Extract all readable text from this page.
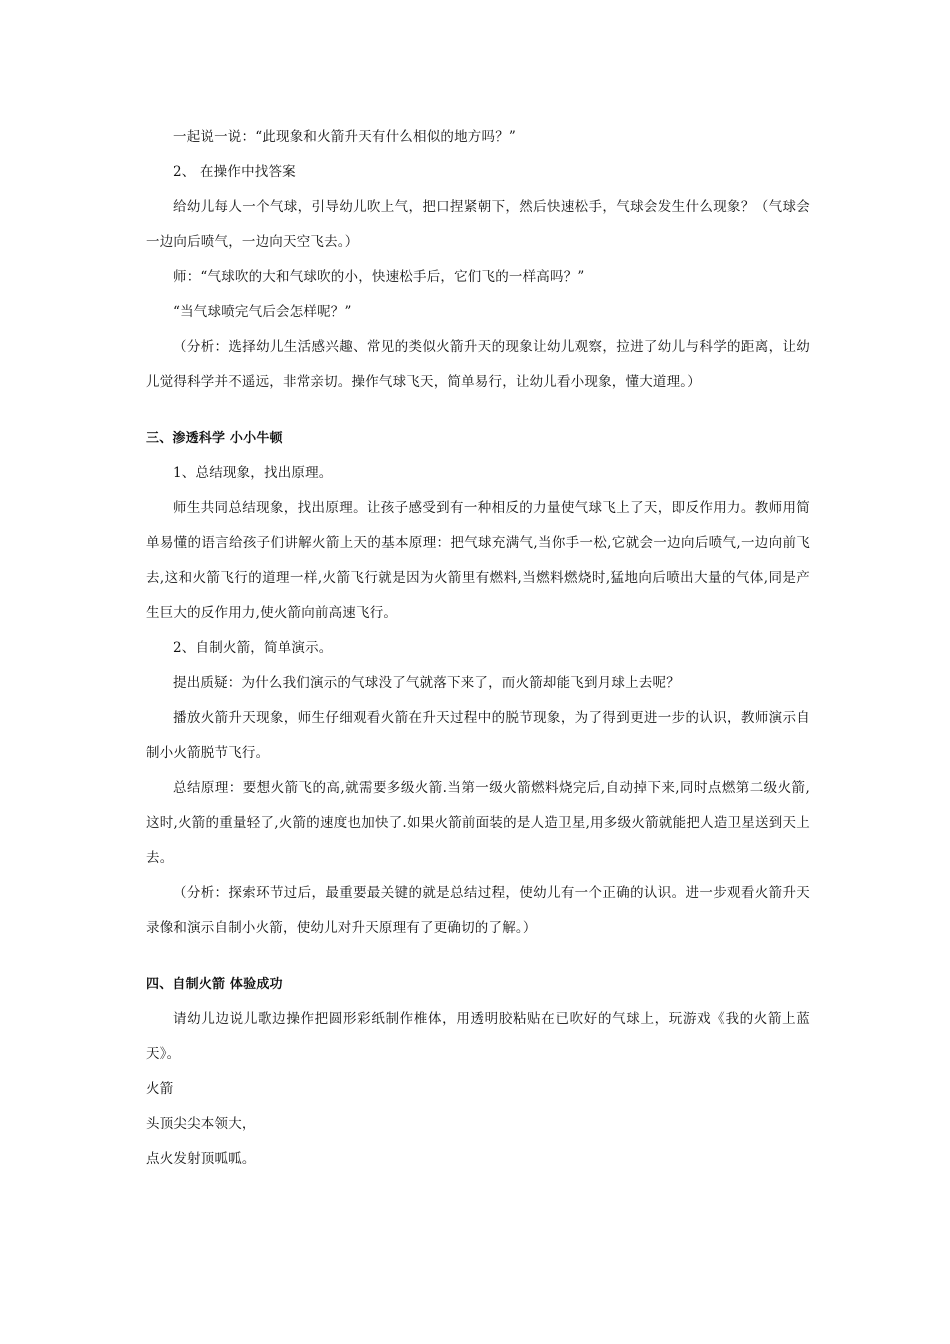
一起说一说：“此现象和火箭升天有什么相似的地方吗？”

2、 在操作中找答案

给幼儿每人一个气球，引导幼儿吹上气，把口捏紧朝下，然后快速松手，气球会发生什么现象？（气球会一边向后喷气，一边向天空飞去。）

师：“气球吹的大和气球吹的小，快速松手后，它们飞的一样高吗？”

“当气球喷完气后会怎样呢？”

（分析：选择幼儿生活感兴趣、常见的类似火箭升天的现象让幼儿观察，拉进了幼儿与科学的距离，让幼儿觉得科学并不遥远，非常亲切。操作气球飞天，简单易行，让幼儿看小现象，懂大道理。）

三、渗透科学 小小牛顿

1、总结现象，找出原理。

师生共同总结现象，找出原理。让孩子感受到有一种相反的力量使气球飞上了天，即反作用力。教师用简单易懂的语言给孩子们讲解火箭上天的基本原理：把气球充满气,当你手一松,它就会一边向后喷气,一边向前飞去,这和火箭飞行的道理一样,火箭飞行就是因为火箭里有燃料,当燃料燃烧时,猛地向后喷出大量的气体,同是产生巨大的反作用力,使火箭向前高速飞行。

2、自制火箭，简单演示。

提出质疑：为什么我们演示的气球没了气就落下来了，而火箭却能飞到月球上去呢？

播放火箭升天现象，师生仔细观看火箭在升天过程中的脱节现象，为了得到更进一步的认识，教师演示自制小火箭脱节飞行。

总结原理：要想火箭飞的高,就需要多级火箭.当第一级火箭燃料烧完后,自动掉下来,同时点燃第二级火箭,这时,火箭的重量轻了,火箭的速度也加快了.如果火箭前面装的是人造卫星,用多级火箭就能把人造卫星送到天上去。

（分析：探索环节过后，最重要最关键的就是总结过程，使幼儿有一个正确的认识。进一步观看火箭升天录像和演示自制小火箭，使幼儿对升天原理有了更确切的了解。）

四、自制火箭 体验成功

请幼儿边说儿歌边操作把圆形彩纸制作椎体，用透明胶粘贴在已吹好的气球上，玩游戏《我的火箭上蓝天》。

火箭

头顶尖尖本领大，

点火发射顶呱呱。
